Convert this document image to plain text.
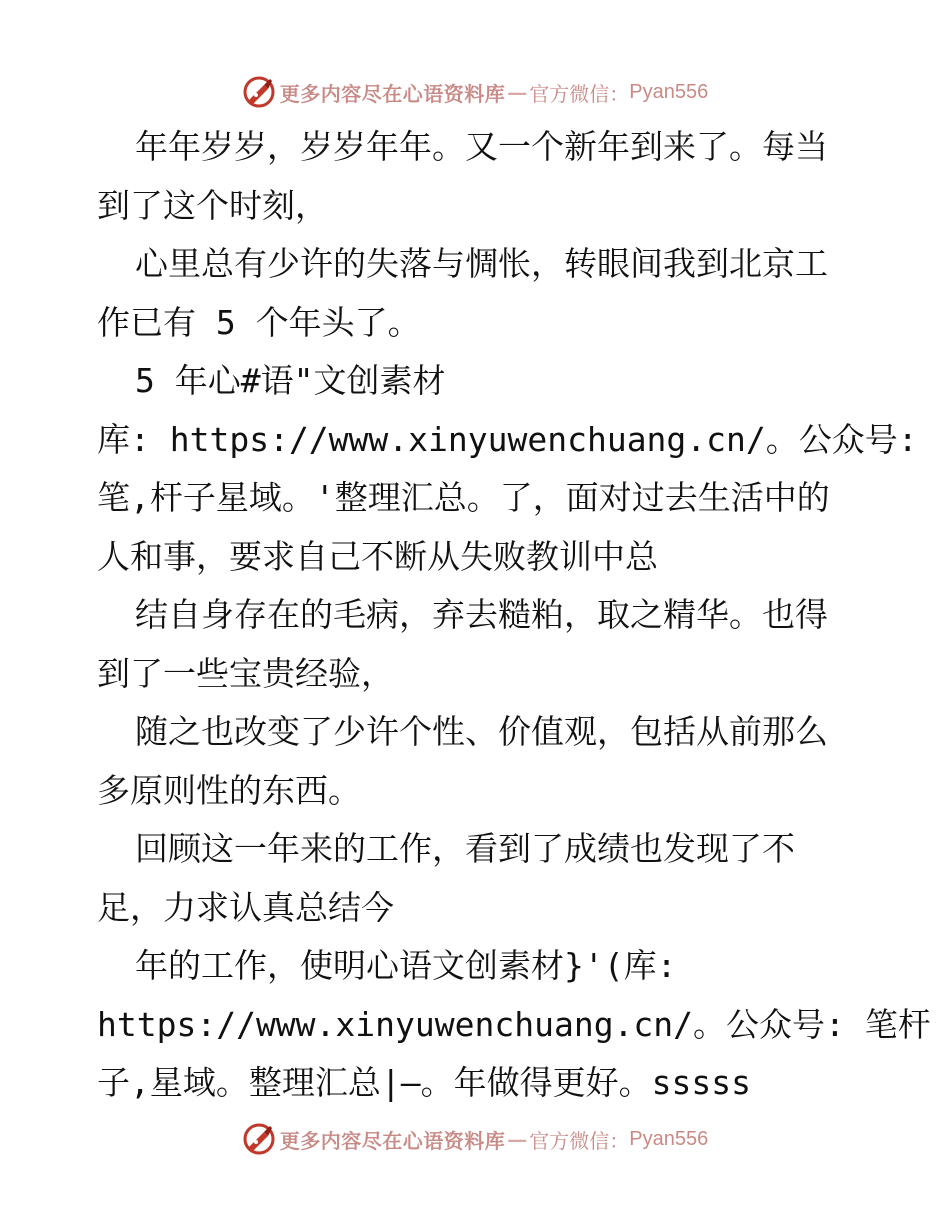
更多内容尽在心语资料库 — 官方微信： Pyan556

年年岁岁，岁岁年年。又一个新年到来了。每当

到了这个时刻，

心里总有少许的失落与惆怅，转眼间我到北京工

作已有 5 个年头了。

5 年心#语"文创素材

库: https://www.xinyuwenchuang.cn/。公众号:

笔,杆子星域。'整理汇总。了，面对过去生活中的

人和事，要求自己不断从失败教训中总

结自身存在的毛病，弃去糙粕，取之精华。也得

到了一些宝贵经验，

随之也改变了少许个性、价值观，包括从前那么

多原则性的东西。

回顾这一年来的工作，看到了成绩也发现了不

足，力求认真总结今

年的工作，使明心语文创素材}'(库:

https://www.xinyuwenchuang.cn/。公众号: 笔杆

子,星域。整理汇总|—。年做得更好。sssss

更多内容尽在心语资料库 — 官方微信： Pyan556
